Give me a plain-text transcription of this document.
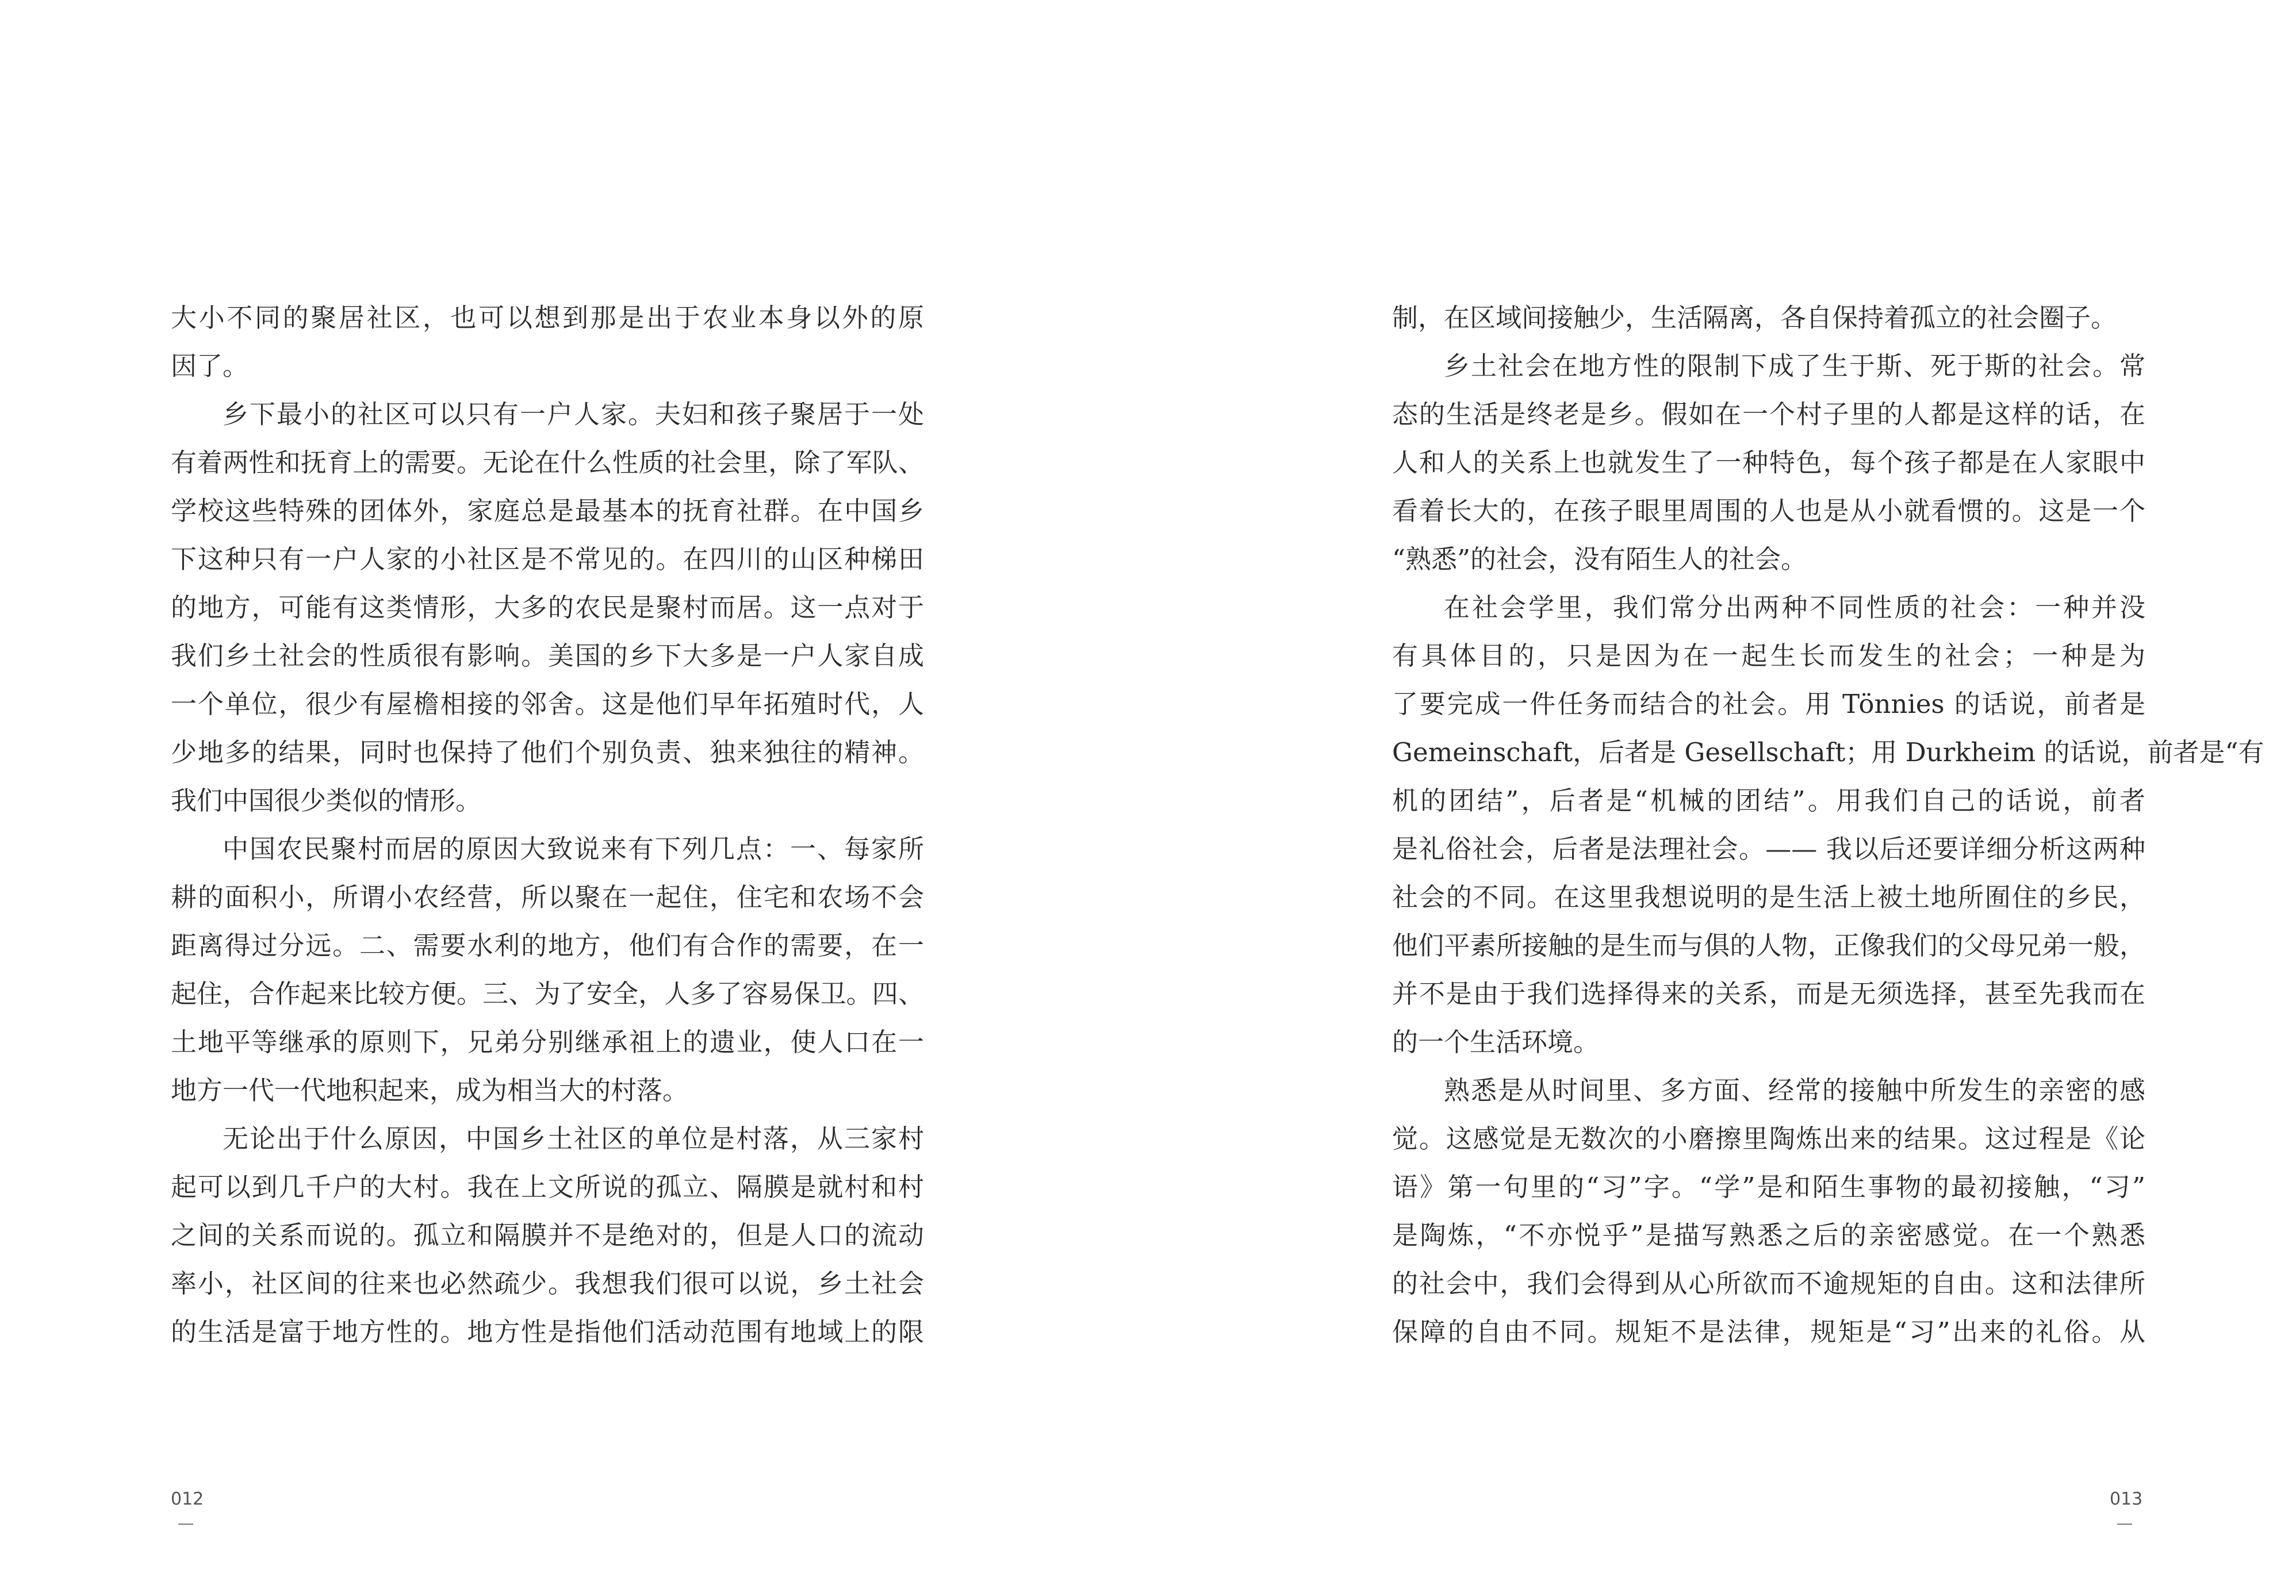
大小不同的聚居社区，也可以想到那是出于农业本身以外的原
因了。
乡下最小的社区可以只有一户人家。夫妇和孩子聚居于一处
有着两性和抚育上的需要。无论在什么性质的社会里，除了军队、
学校这些特殊的团体外，家庭总是最基本的抚育社群。在中国乡
下这种只有一户人家的小社区是不常见的。在四川的山区种梯田
的地方，可能有这类情形，大多的农民是聚村而居。这一点对于
我们乡土社会的性质很有影响。美国的乡下大多是一户人家自成
一个单位，很少有屋檐相接的邻舍。这是他们早年拓殖时代，人
少地多的结果，同时也保持了他们个别负责、独来独往的精神。
我们中国很少类似的情形。
中国农民聚村而居的原因大致说来有下列几点：一、每家所
耕的面积小，所谓小农经营，所以聚在一起住，住宅和农场不会
距离得过分远。二、需要水利的地方，他们有合作的需要，在一
起住，合作起来比较方便。三、为了安全，人多了容易保卫。四、
土地平等继承的原则下，兄弟分别继承祖上的遗业，使人口在一
地方一代一代地积起来，成为相当大的村落。
无论出于什么原因，中国乡土社区的单位是村落，从三家村
起可以到几千户的大村。我在上文所说的孤立、隔膜是就村和村
之间的关系而说的。孤立和隔膜并不是绝对的，但是人口的流动
率小，社区间的往来也必然疏少。我想我们很可以说，乡土社会
的生活是富于地方性的。地方性是指他们活动范围有地域上的限
012
制，在区域间接触少，生活隔离，各自保持着孤立的社会圈子。
乡土社会在地方性的限制下成了生于斯、死于斯的社会。常
态的生活是终老是乡。假如在一个村子里的人都是这样的话，在
人和人的关系上也就发生了一种特色，每个孩子都是在人家眼中
看着长大的，在孩子眼里周围的人也是从小就看惯的。这是一个
“熟悉”的社会，没有陌生人的社会。
在社会学里，我们常分出两种不同性质的社会：一种并没
有具体目的，只是因为在一起生长而发生的社会；一种是为
了要完成一件任务而结合的社会。用 Tönnies 的话说，前者是
Gemeinschaft，后者是 Gesellschaft；用 Durkheim 的话说，前者是“有
机的团结”，后者是“机械的团结”。用我们自己的话说，前者
是礼俗社会，后者是法理社会。—— 我以后还要详细分析这两种
社会的不同。在这里我想说明的是生活上被土地所囿住的乡民，
他们平素所接触的是生而与俱的人物，正像我们的父母兄弟一般，
并不是由于我们选择得来的关系，而是无须选择，甚至先我而在
的一个生活环境。
熟悉是从时间里、多方面、经常的接触中所发生的亲密的感
觉。这感觉是无数次的小磨擦里陶炼出来的结果。这过程是《论
语》第一句里的“习”字。“学”是和陌生事物的最初接触，“习”
是陶炼，“不亦悦乎”是描写熟悉之后的亲密感觉。在一个熟悉
的社会中，我们会得到从心所欲而不逾规矩的自由。这和法律所
保障的自由不同。规矩不是法律，规矩是“习”出来的礼俗。从
013
